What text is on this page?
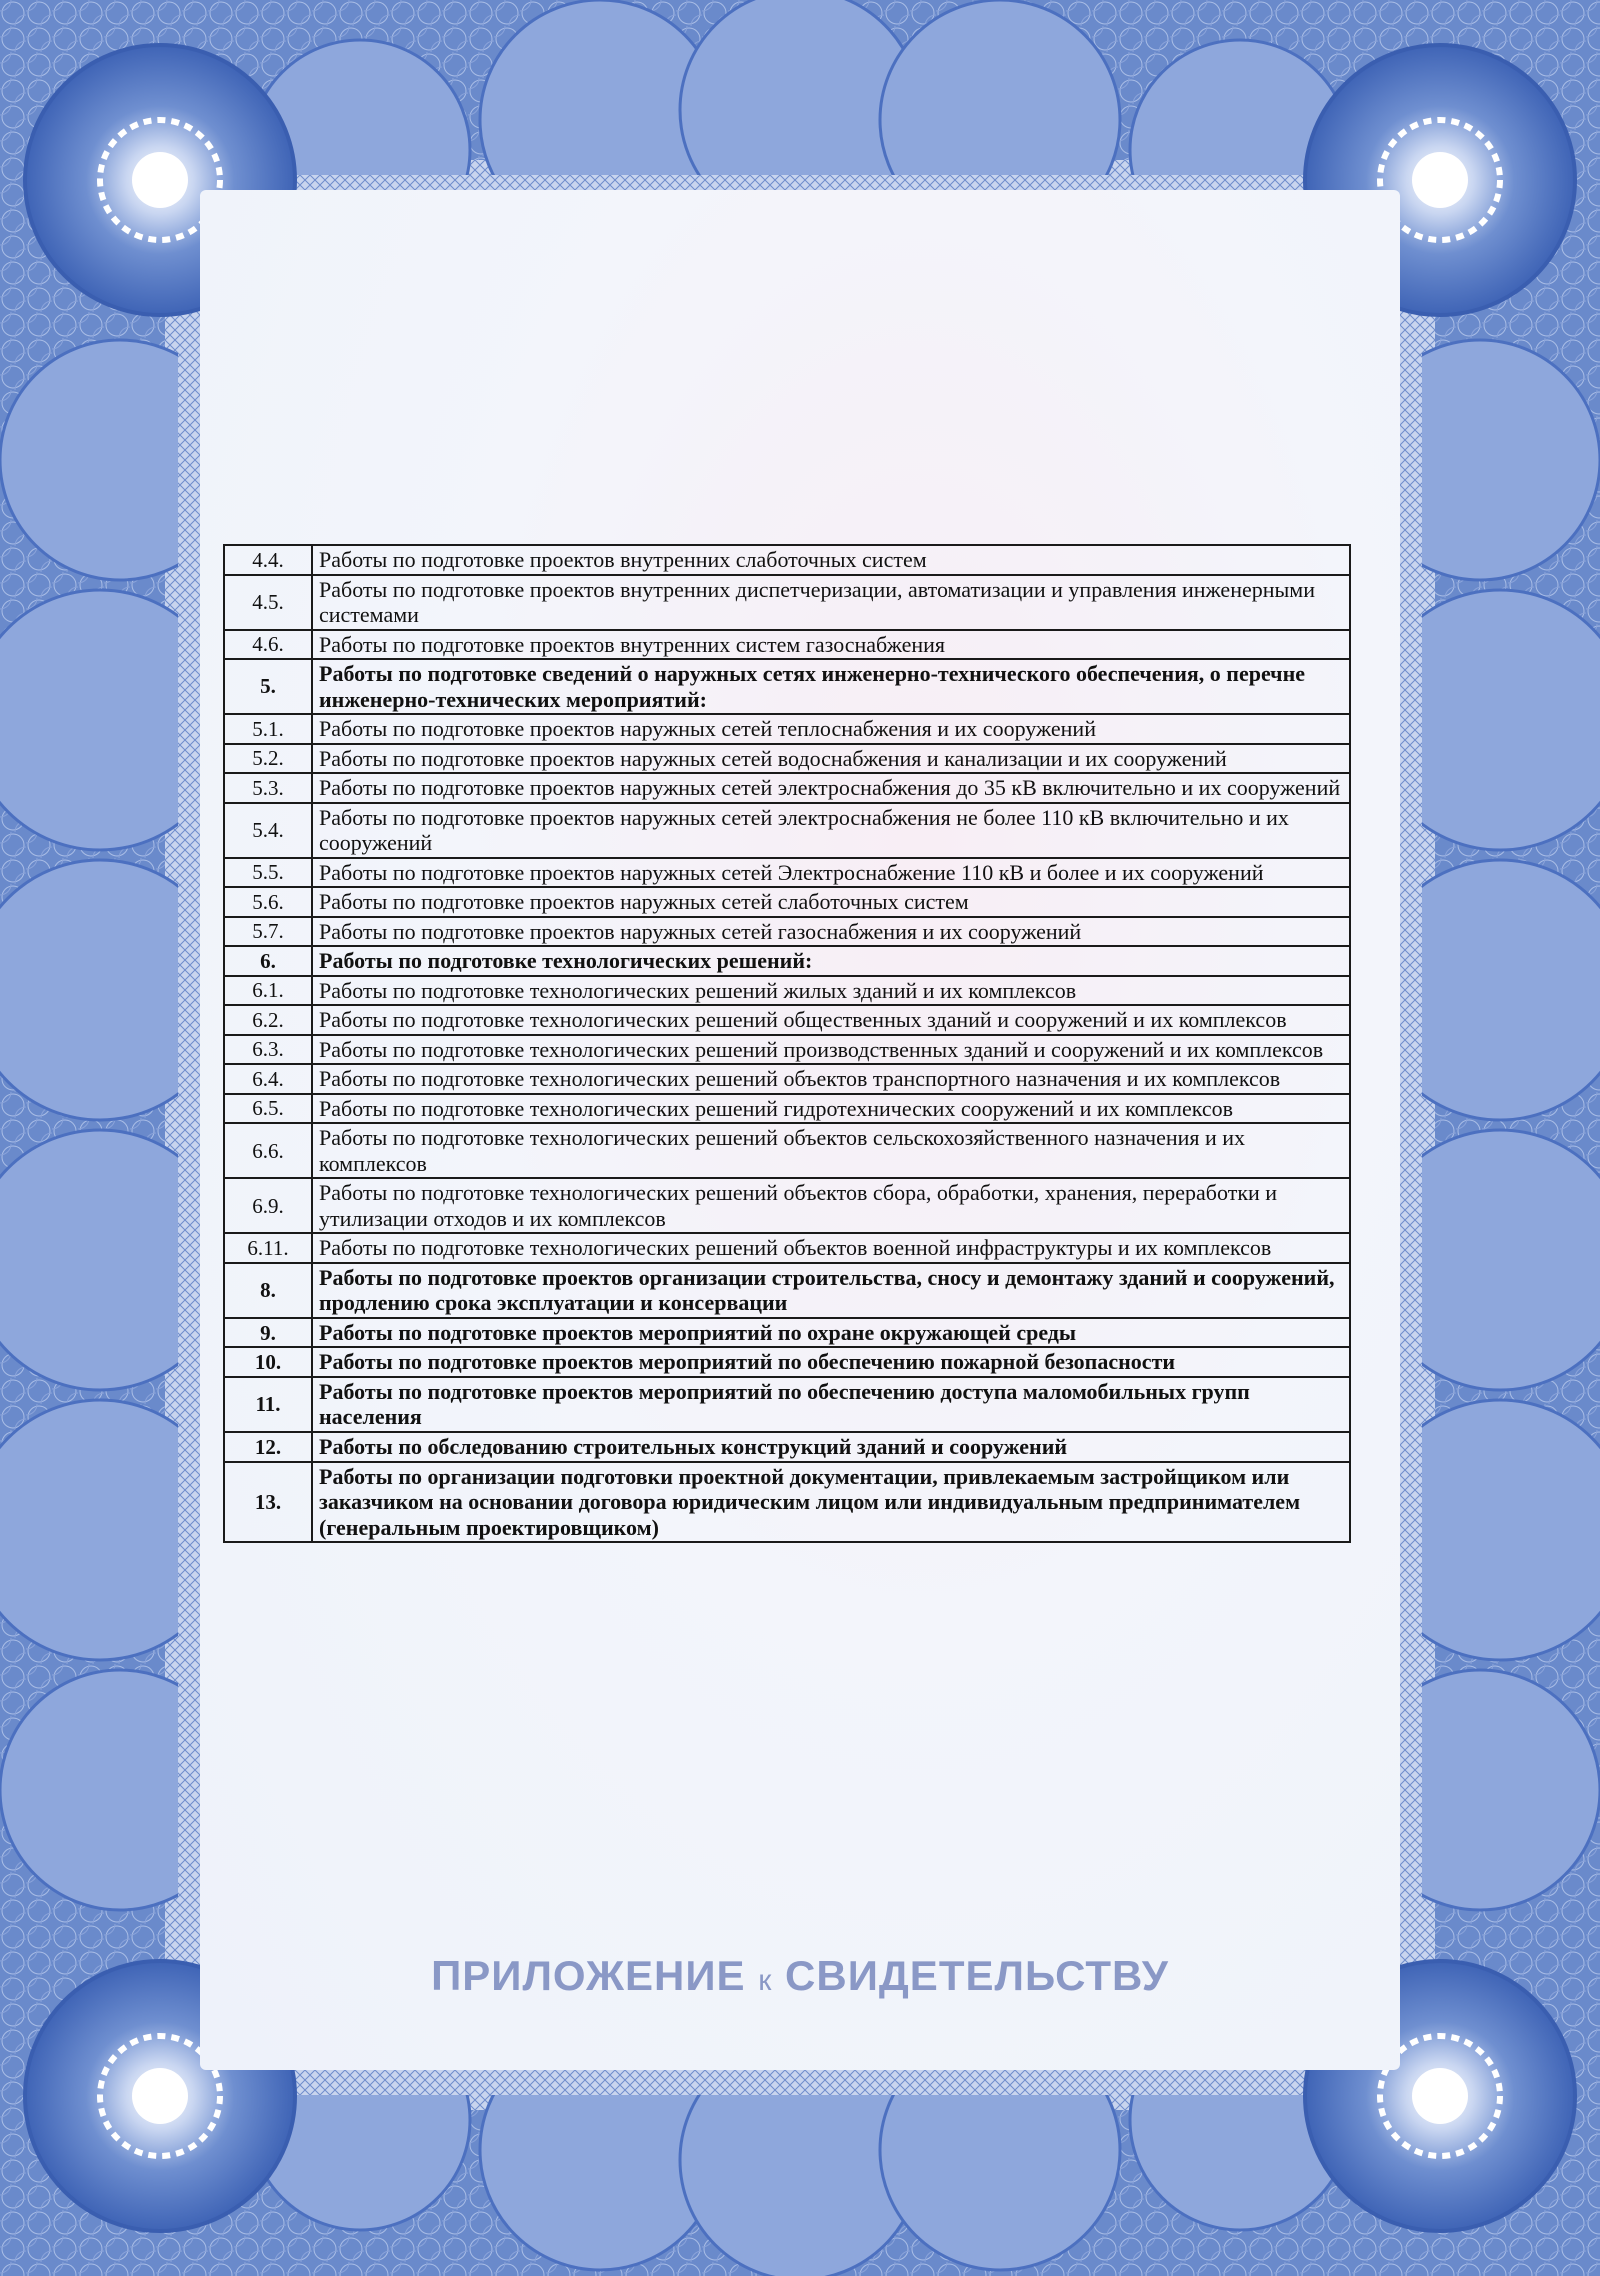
4.4.	Работы по подготовке проектов внутренних слаботочных систем
4.5.	Работы по подготовке проектов внутренних диспетчеризации, автоматизации и управления инженерными системами
4.6.	Работы по подготовке проектов внутренних систем газоснабжения
5.	Работы по подготовке сведений о наружных сетях инженерно-технического обеспечения, о перечне инженерно-технических мероприятий:
5.1.	Работы по подготовке проектов наружных сетей теплоснабжения и их сооружений
5.2.	Работы по подготовке проектов наружных сетей водоснабжения и канализации и их сооружений
5.3.	Работы по подготовке проектов наружных сетей электроснабжения до 35 кВ включительно и их сооружений
5.4.	Работы по подготовке проектов наружных сетей электроснабжения не более 110 кВ включительно и их сооружений
5.5.	Работы по подготовке проектов наружных сетей Электроснабжение 110 кВ и более и их сооружений
5.6.	Работы по подготовке проектов наружных сетей слаботочных систем
5.7.	Работы по подготовке проектов наружных сетей газоснабжения и их сооружений
6.	Работы по подготовке технологических решений:
6.1.	Работы по подготовке технологических решений жилых зданий и их комплексов
6.2.	Работы по подготовке технологических решений общественных зданий и сооружений и их комплексов
6.3.	Работы по подготовке технологических решений производственных зданий и сооружений и их комплексов
6.4.	Работы по подготовке технологических решений объектов транспортного назначения и их комплексов
6.5.	Работы по подготовке технологических решений гидротехнических сооружений и их комплексов
6.6.	Работы по подготовке технологических решений объектов сельскохозяйственного назначения и их комплексов
6.9.	Работы по подготовке технологических решений объектов сбора, обработки, хранения, переработки и утилизации отходов и их комплексов
6.11.	Работы по подготовке технологических решений объектов военной инфраструктуры и их комплексов
8.	Работы по подготовке проектов организации строительства, сносу и демонтажу зданий и сооружений, продлению срока эксплуатации и консервации
9.	Работы по подготовке проектов мероприятий по охране окружающей среды
10.	Работы по подготовке проектов мероприятий по обеспечению пожарной безопасности
11.	Работы по подготовке проектов мероприятий по обеспечению доступа маломобильных групп населения
12.	Работы по обследованию строительных конструкций зданий и сооружений
13.	Работы по организации подготовки проектной документации, привлекаемым застройщиком или заказчиком на основании договора юридическим лицом или индивидуальным предпринимателем (генеральным проектировщиком)

ПРИЛОЖЕНИЕ к СВИДЕТЕЛЬСТВУ
